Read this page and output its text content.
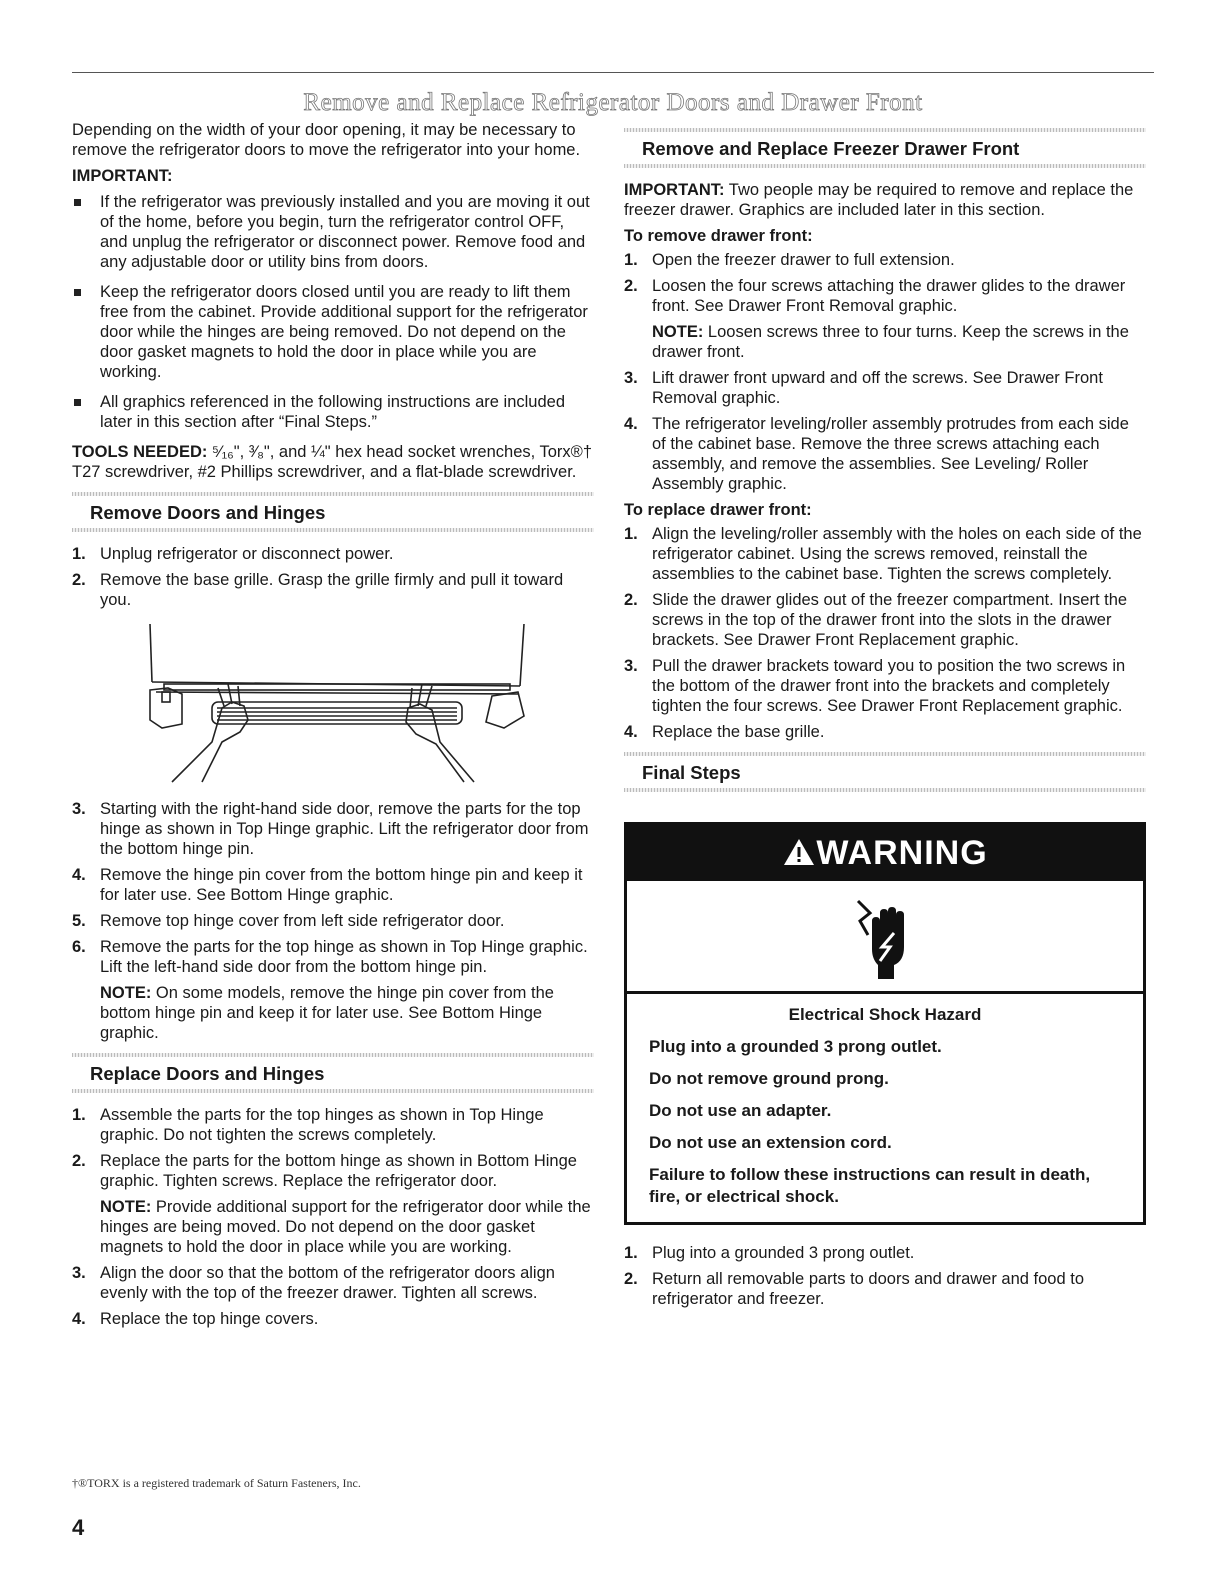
Remove and Replace Refrigerator Doors and Drawer Front

Depending on the width of your door opening, it may be necessary to remove the refrigerator doors to move the refrigerator into your home.

IMPORTANT:

If the refrigerator was previously installed and you are moving it out of the home, before you begin, turn the refrigerator control OFF, and unplug the refrigerator or disconnect power. Remove food and any adjustable door or utility bins from doors.
Keep the refrigerator doors closed until you are ready to lift them free from the cabinet. Provide additional support for the refrigerator door while the hinges are being removed. Do not depend on the door gasket magnets to hold the door in place while you are working.
All graphics referenced in the following instructions are included later in this section after “Final Steps.”

TOOLS NEEDED: ⁵⁄₁₆", ³⁄₈", and ¼" hex head socket wrenches, Torx®† T27 screwdriver, #2 Phillips screwdriver, and a flat-blade screwdriver.

Remove Doors and Hinges
1. Unplug refrigerator or disconnect power.
2. Remove the base grille. Grasp the grille firmly and pull it toward you.
3. Starting with the right-hand side door, remove the parts for the top hinge as shown in Top Hinge graphic. Lift the refrigerator door from the bottom hinge pin.
4. Remove the hinge pin cover from the bottom hinge pin and keep it for later use. See Bottom Hinge graphic.
5. Remove top hinge cover from left side refrigerator door.
6. Remove the parts for the top hinge as shown in Top Hinge graphic. Lift the left-hand side door from the bottom hinge pin.
NOTE: On some models, remove the hinge pin cover from the bottom hinge pin and keep it for later use. See Bottom Hinge graphic.
Replace Doors and Hinges
1. Assemble the parts for the top hinges as shown in Top Hinge graphic. Do not tighten the screws completely.
2. Replace the parts for the bottom hinge as shown in Bottom Hinge graphic. Tighten screws. Replace the refrigerator door.
NOTE: Provide additional support for the refrigerator door while the hinges are being moved. Do not depend on the door gasket magnets to hold the door in place while you are working.
3. Align the door so that the bottom of the refrigerator doors align evenly with the top of the freezer drawer. Tighten all screws.
4. Replace the top hinge covers.
Remove and Replace Freezer Drawer Front

IMPORTANT: Two people may be required to remove and replace the freezer drawer. Graphics are included later in this section.

To remove drawer front:

1. Open the freezer drawer to full extension.
2. Loosen the four screws attaching the drawer glides to the drawer front. See Drawer Front Removal graphic.
NOTE: Loosen screws three to four turns. Keep the screws in the drawer front.
3. Lift drawer front upward and off the screws. See Drawer Front Removal graphic.
4. The refrigerator leveling/roller assembly protrudes from each side of the cabinet base. Remove the three screws attaching each assembly, and remove the assemblies. See Leveling/ Roller Assembly graphic.

To replace drawer front:

1. Align the leveling/roller assembly with the holes on each side of the refrigerator cabinet. Using the screws removed, reinstall the assemblies to the cabinet base. Tighten the screws completely.
2. Slide the drawer glides out of the freezer compartment. Insert the screws in the top of the drawer front into the slots in the drawer brackets. See Drawer Front Replacement graphic.
3. Pull the drawer brackets toward you to position the two screws in the bottom of the drawer front into the brackets and completely tighten the four screws. See Drawer Front Replacement graphic.
4. Replace the base grille.
Final Steps
WARNING
Electrical Shock Hazard

Plug into a grounded 3 prong outlet.

Do not remove ground prong.

Do not use an adapter.

Do not use an extension cord.

Failure to follow these instructions can result in death, fire, or electrical shock.

1. Plug into a grounded 3 prong outlet.
2. Return all removable parts to doors and drawer and food to refrigerator and freezer.
†®TORX is a registered trademark of Saturn Fasteners, Inc.
4
